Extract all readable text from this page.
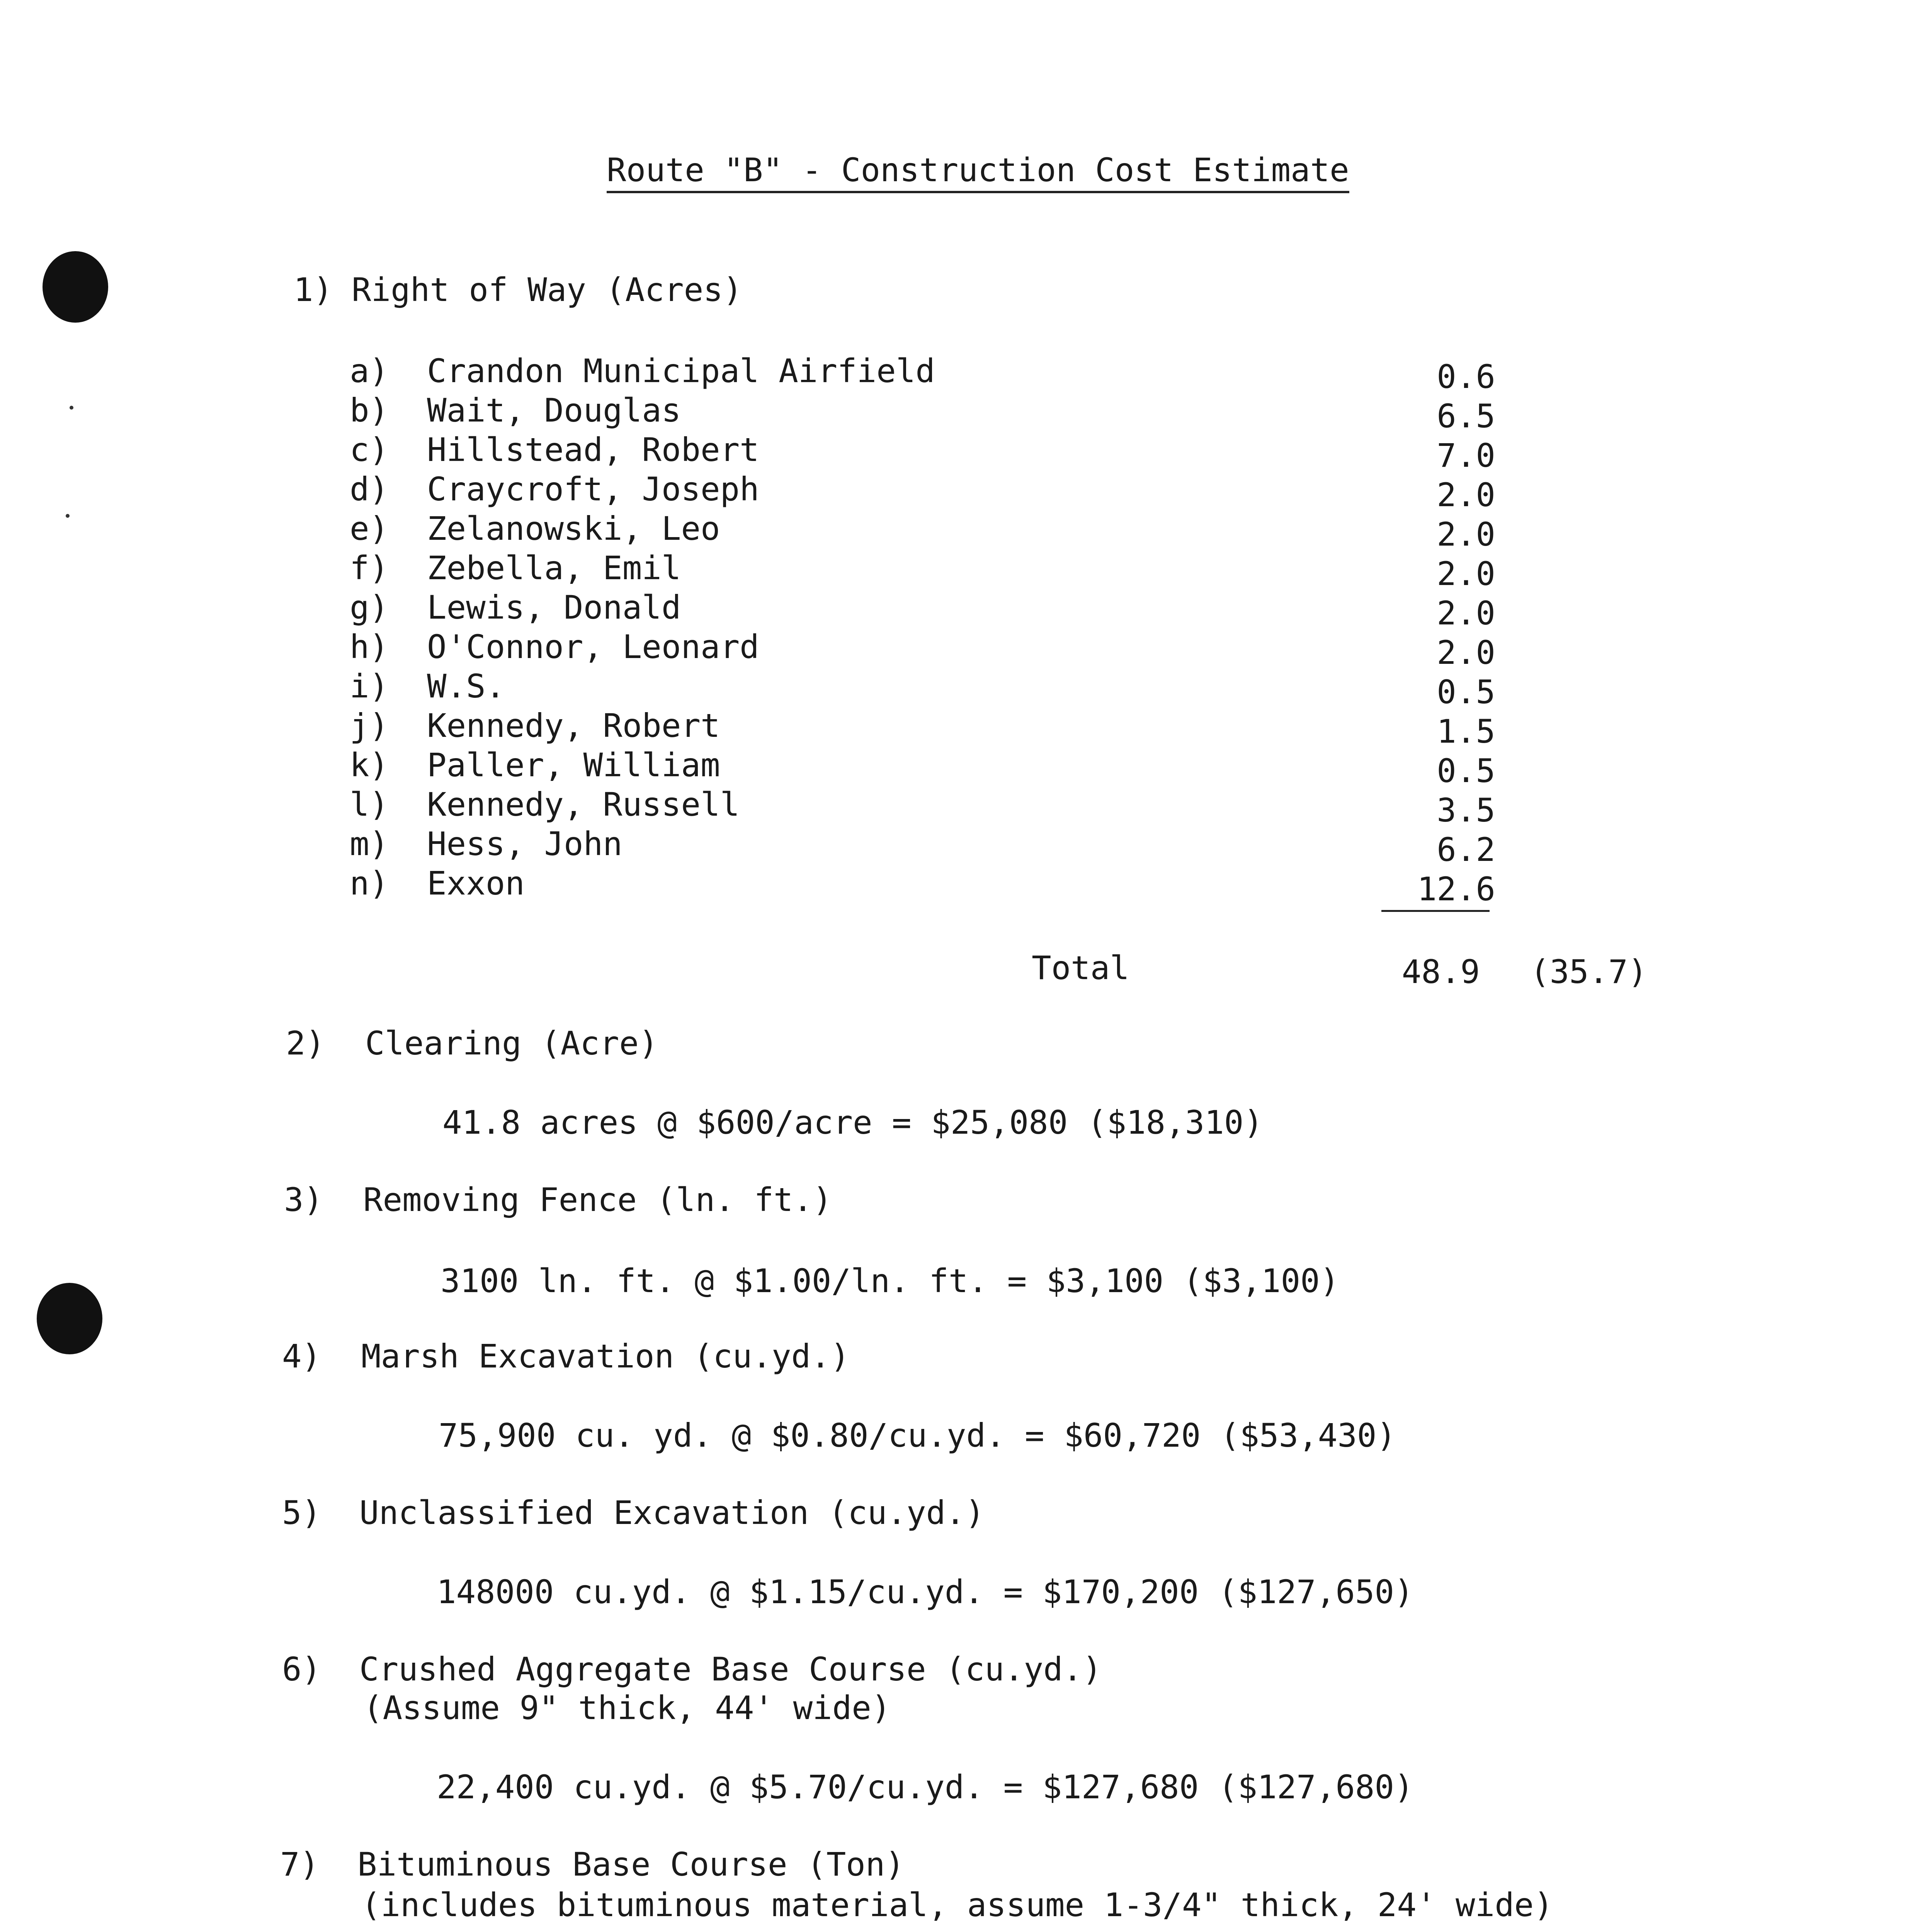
Route "B" - Construction Cost Estimate
1) Right of Way (Acres)
a) Crandon Municipal Airfield	0.6
b) Wait, Douglas	6.5
c) Hillstead, Robert	7.0
d) Craycroft, Joseph	2.0
e) Zelanowski, Leo	2.0
f) Zebella, Emil	2.0
g) Lewis, Donald	2.0
h) O'Connor, Leonard	2.0
i) W.S.	0.5
j) Kennedy, Robert	1.5
k) Paller, William	0.5
l) Kennedy, Russell	3.5
m) Hess, John	6.2
n) Exxon	12.6
Total	48.9 (35.7)
2) Clearing (Acre)
41.8 acres @ $600/acre = $25,080 ($18,310)
3) Removing Fence (ln. ft.)
3100 ln. ft. @ $1.00/ln. ft. = $3,100 ($3,100)
4) Marsh Excavation (cu.yd.)
75,900 cu. yd. @ $0.80/cu.yd. = $60,720 ($53,430)
5) Unclassified Excavation (cu.yd.)
148000 cu.yd. @ $1.15/cu.yd. = $170,200 ($127,650)
6) Crushed Aggregate Base Course (cu.yd.)
(Assume 9" thick, 44' wide)
22,400 cu.yd. @ $5.70/cu.yd. = $127,680 ($127,680)
7) Bituminous Base Course (Ton)
(includes bituminous material, assume 1-3/4" thick, 24' wide)
